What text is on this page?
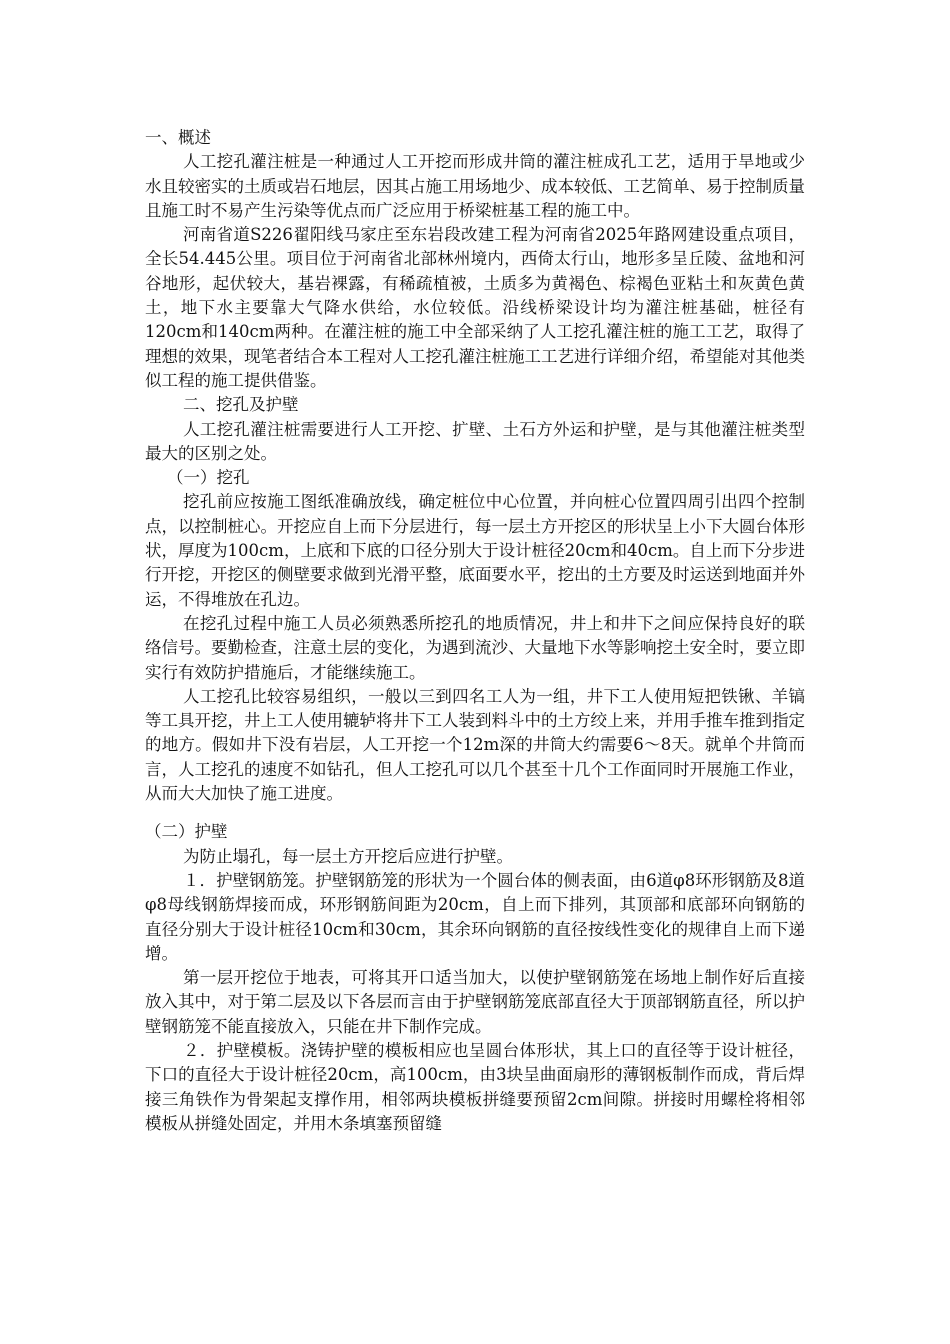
一、概述

人工挖孔灌注桩是一种通过人工开挖而形成井筒的灌注桩成孔工艺，适用于旱地或少水且较密实的土质或岩石地层，因其占施工用场地少、成本较低、工艺简单、易于控制质量且施工时不易产生污染等优点而广泛应用于桥梁桩基工程的施工中。

河南省道S226翟阳线马家庄至东岩段改建工程为河南省2025年路网建设重点项目，全长54.445公里。项目位于河南省北部林州境内，西倚太行山，地形多呈丘陵、盆地和河谷地形，起伏较大，基岩裸露，有稀疏植被，土质多为黄褐色、棕褐色亚粘土和灰黄色黄土，地下水主要靠大气降水供给，水位较低。沿线桥梁设计均为灌注桩基础，桩径有120cm和140cm两种。在灌注桩的施工中全部采纳了人工挖孔灌注桩的施工工艺，取得了理想的效果，现笔者结合本工程对人工挖孔灌注桩施工工艺进行详细介绍，希望能对其他类似工程的施工提供借鉴。

二、挖孔及护壁

人工挖孔灌注桩需要进行人工开挖、扩壁、土石方外运和护壁，是与其他灌注桩类型最大的区别之处。

（一）挖孔

挖孔前应按施工图纸准确放线，确定桩位中心位置，并向桩心位置四周引出四个控制点，以控制桩心。开挖应自上而下分层进行，每一层土方开挖区的形状呈上小下大圆台体形状，厚度为100cm，上底和下底的口径分别大于设计桩径20cm和40cm。自上而下分步进行开挖，开挖区的侧壁要求做到光滑平整，底面要水平，挖出的土方要及时运送到地面并外运，不得堆放在孔边。

在挖孔过程中施工人员必须熟悉所挖孔的地质情况，井上和井下之间应保持良好的联络信号。要勤检查，注意土层的变化，为遇到流沙、大量地下水等影响挖土安全时，要立即实行有效防护措施后，才能继续施工。

人工挖孔比较容易组织，一般以三到四名工人为一组，井下工人使用短把铁锹、羊镐等工具开挖，井上工人使用辘轳将井下工人装到料斗中的土方绞上来，并用手推车推到指定的地方。假如井下没有岩层，人工开挖一个12m深的井筒大约需要6～8天。就单个井筒而言，人工挖孔的速度不如钻孔，但人工挖孔可以几个甚至十几个工作面同时开展施工作业，从而大大加快了施工进度。

（二）护壁

为防止塌孔，每一层土方开挖后应进行护壁。

１．护壁钢筋笼。护壁钢筋笼的形状为一个圆台体的侧表面，由6道φ8环形钢筋及8道φ8母线钢筋焊接而成，环形钢筋间距为20cm，自上而下排列，其顶部和底部环向钢筋的直径分别大于设计桩径10cm和30cm，其余环向钢筋的直径按线性变化的规律自上而下递增。

第一层开挖位于地表，可将其开口适当加大，以使护壁钢筋笼在场地上制作好后直接放入其中，对于第二层及以下各层而言由于护壁钢筋笼底部直径大于顶部钢筋直径，所以护壁钢筋笼不能直接放入，只能在井下制作完成。

２．护壁模板。浇铸护壁的模板相应也呈圆台体形状，其上口的直径等于设计桩径，下口的直径大于设计桩径20cm，高100cm，由3块呈曲面扇形的薄钢板制作而成，背后焊接三角铁作为骨架起支撑作用，相邻两块模板拼缝要预留2cm间隙。拼接时用螺栓将相邻模板从拼缝处固定，并用木条填塞预留缝
